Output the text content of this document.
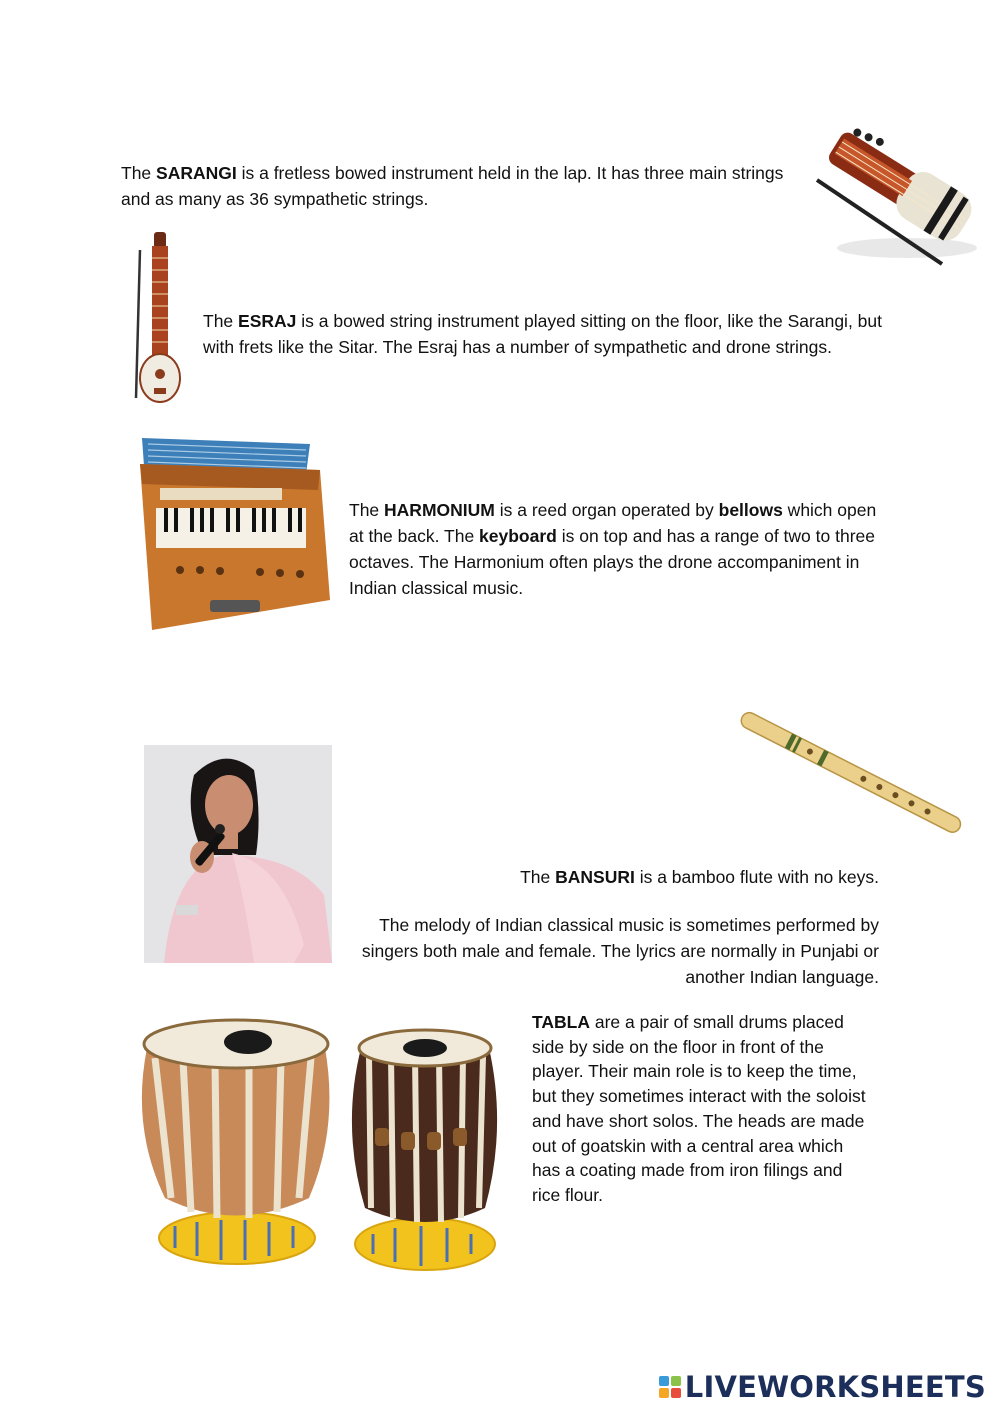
The SARANGI is a fretless bowed instrument held in the lap. It has three main strings and as many as 36 sympathetic strings.

The ESRAJ is a bowed string instrument played sitting on the floor, like the Sarangi, but with frets like the Sitar. The Esraj has a number of sympathetic and drone strings.

The HARMONIUM is a reed organ operated by bellows which open at the back. The keyboard is on top and has a range of two to three octaves. The Harmonium often plays the drone accompaniment in Indian classical music.

The BANSURI is a bamboo flute with no keys.

The melody of Indian classical music is sometimes performed by singers both male and female. The lyrics are normally in Punjabi or another Indian language.

TABLA are a pair of small drums placed side by side on the floor in front of the player. Their main role is to keep the time, but they sometimes interact with the soloist and have short solos. The heads are made out of goatskin with a central area which has a coating made from iron filings and rice flour.

LIVEWORKSHEETS
